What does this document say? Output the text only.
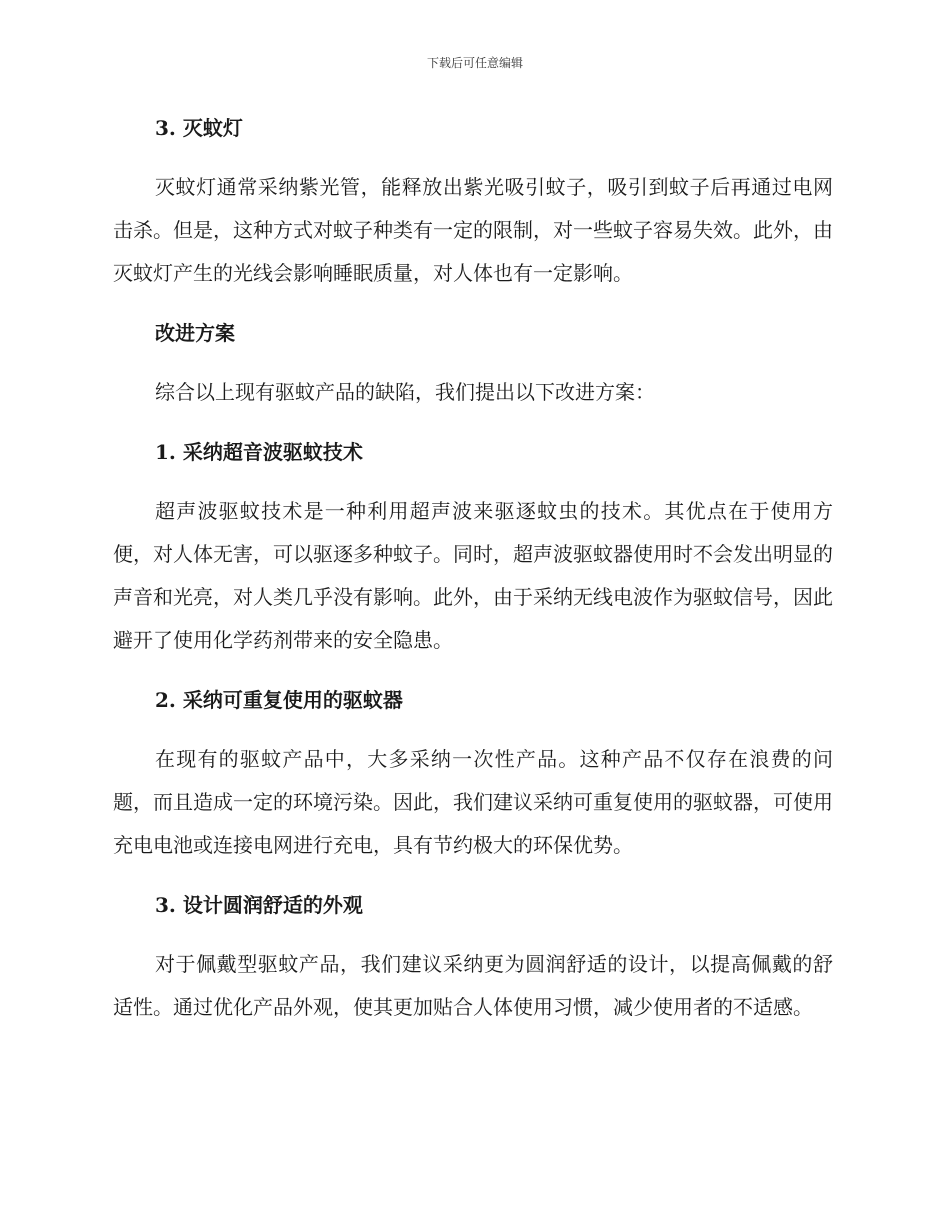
下载后可任意编辑
3. 灭蚊灯

灭蚊灯通常采纳紫光管，能释放出紫光吸引蚊子，吸引到蚊子后再通过电网击杀。但是，这种方式对蚊子种类有一定的限制，对一些蚊子容易失效。此外，由灭蚊灯产生的光线会影响睡眠质量，对人体也有一定影响。

改进方案

综合以上现有驱蚊产品的缺陷，我们提出以下改进方案：

1. 采纳超音波驱蚊技术

超声波驱蚊技术是一种利用超声波来驱逐蚊虫的技术。其优点在于使用方便，对人体无害，可以驱逐多种蚊子。同时，超声波驱蚊器使用时不会发出明显的声音和光亮，对人类几乎没有影响。此外，由于采纳无线电波作为驱蚊信号，因此避开了使用化学药剂带来的安全隐患。

2. 采纳可重复使用的驱蚊器

在现有的驱蚊产品中，大多采纳一次性产品。这种产品不仅存在浪费的问题，而且造成一定的环境污染。因此，我们建议采纳可重复使用的驱蚊器，可使用充电电池或连接电网进行充电，具有节约极大的环保优势。

3. 设计圆润舒适的外观

对于佩戴型驱蚊产品，我们建议采纳更为圆润舒适的设计，以提高佩戴的舒适性。通过优化产品外观，使其更加贴合人体使用习惯，减少使用者的不适感。
